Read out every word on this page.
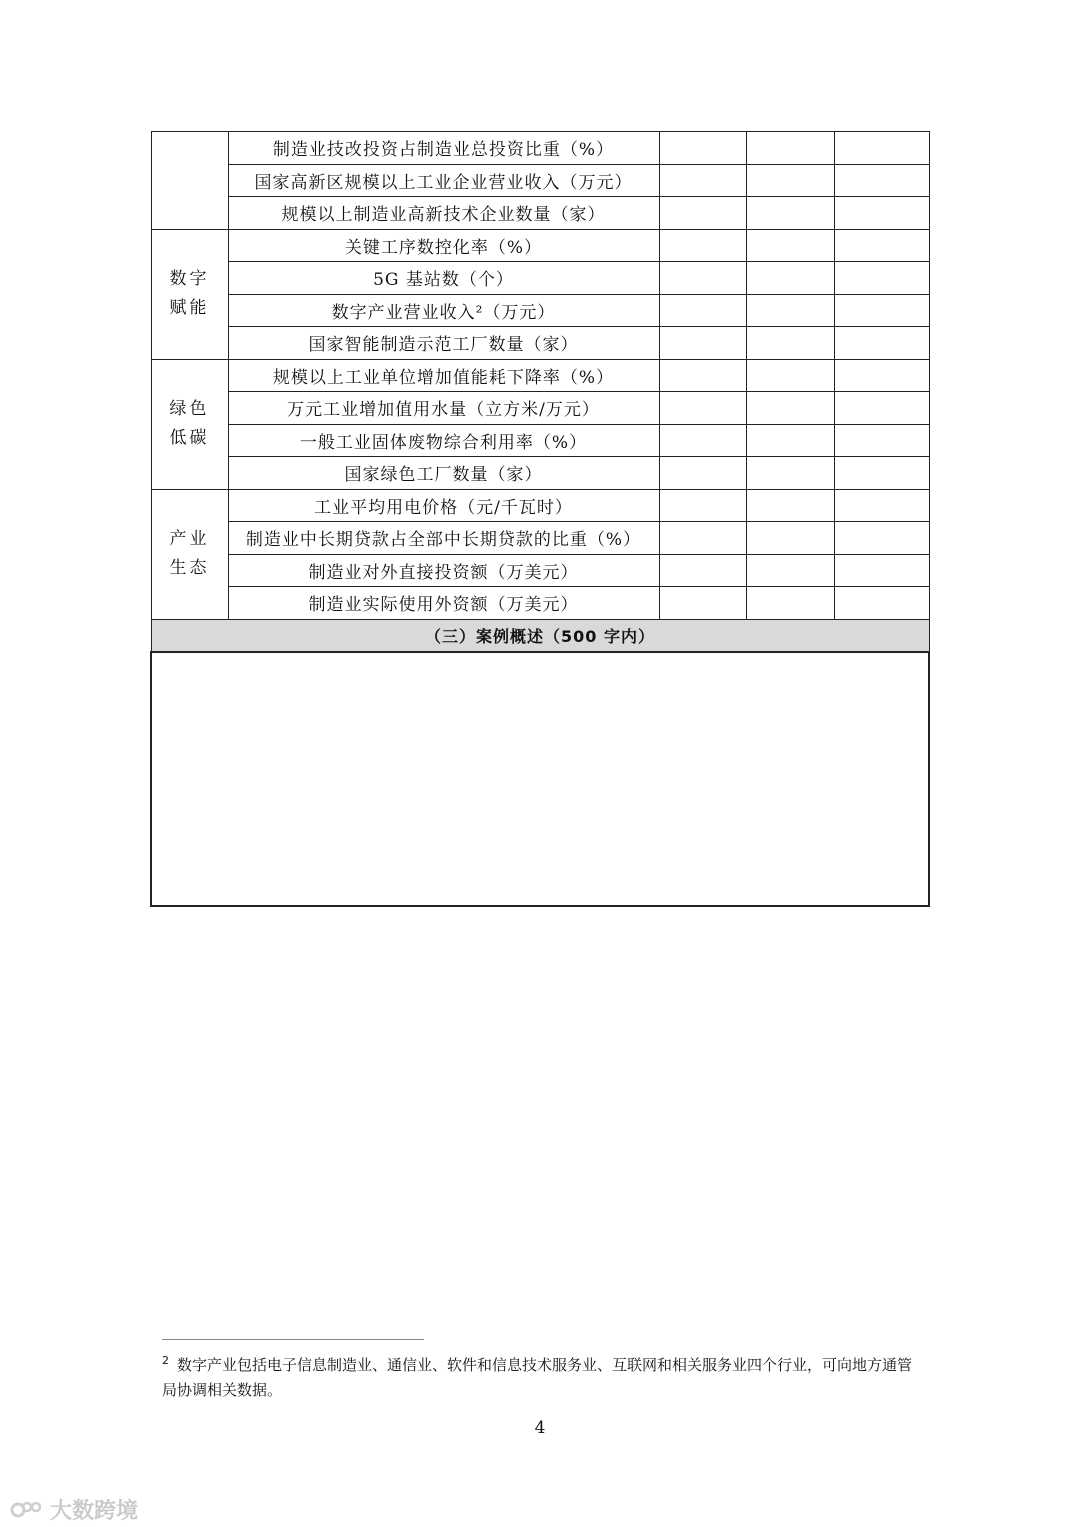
	制造业技改投资占制造业总投资比重（%）			
	国家高新区规模以上工业企业营业收入（万元）			
	规模以上制造业高新技术企业数量（家）			

数字
赋能	关键工序数控化率（%）			
	5G 基站数（个）			
	数字产业营业收入²（万元）			
	国家智能制造示范工厂数量（家）			

绿色
低碳	规模以上工业单位增加值能耗下降率（%）			
	万元工业增加值用水量（立方米/万元）			
	一般工业固体废物综合利用率（%）			
	国家绿色工厂数量（家）			

产业
生态	工业平均用电价格（元/千瓦时）			
	制造业中长期贷款占全部中长期贷款的比重（%）			
	制造业对外直接投资额（万美元）			
	制造业实际使用外资额（万美元）			
（三）案例概述（500 字内）				

$^2$ 数字产业包括电子信息制造业、通信业、软件和信息技术服务业、互联网和相关服务业四个行业，可向地方通管局协调相关数据。
4
大数跨境
